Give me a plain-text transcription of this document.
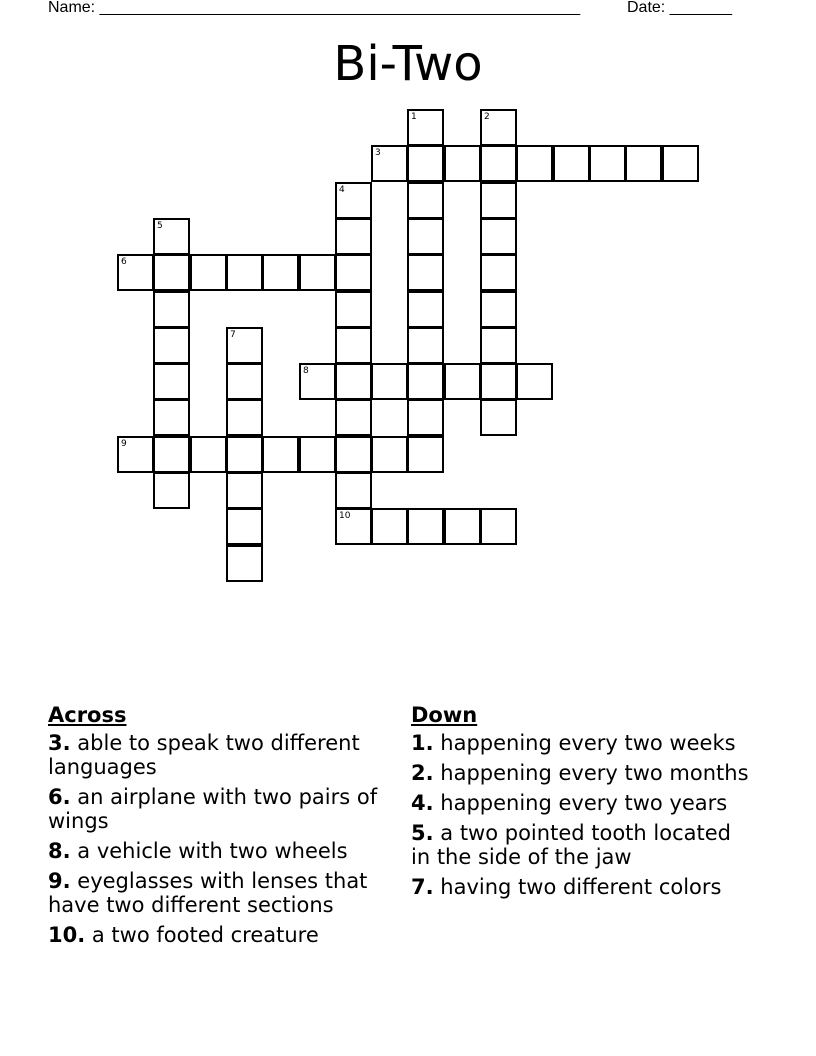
Name: ______________________________________________________	Date: _______
Bi-Two
3
6
8
9
10
1	2
4
5
7
Across
3. able to speak two different languages
6. an airplane with two pairs of wings
8. a vehicle with two wheels
9. eyeglasses with lenses that have two different sections
10. a two footed creature
Down
1. happening every two weeks
2. happening every two months
4. happening every two years
5. a two pointed tooth located in the side of the jaw
7. having two different colors
